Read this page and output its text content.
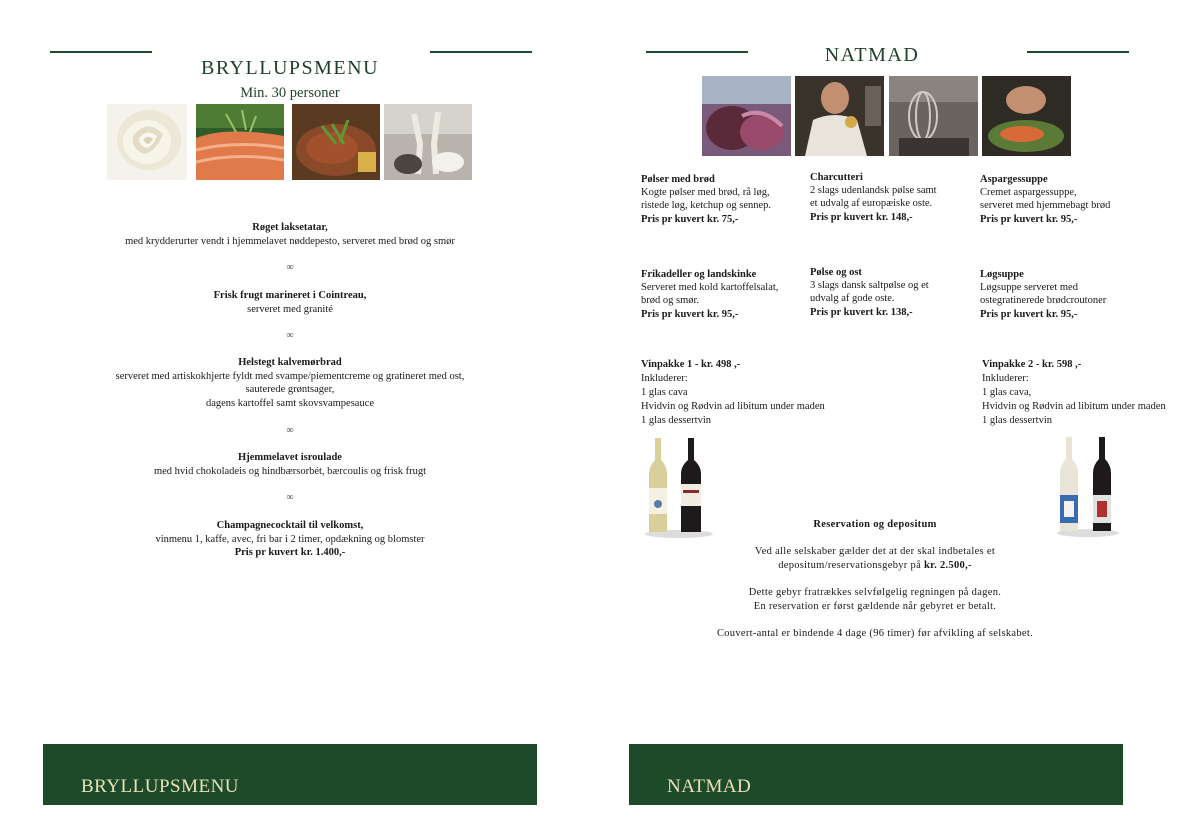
BRYLLUPSMENU
Min. 30 personer
Røget laksetatar,
med krydderurter vendt i hjemmelavet nøddepesto, serveret med brød og smør
∞
Frisk frugt marineret i Cointreau,
serveret med granité
∞
Helstegt kalvemørbrad
serveret med artiskokhjerte fyldt med svampe/piementcreme og gratineret med ost,
sauterede grøntsager,
dagens kartoffel samt skovsvampesauce
∞
Hjemmelavet isroulade
med hvid chokoladeis og hindbærsorbét, bærcoulis og frisk frugt
∞
Champagnecocktail til velkomst,
vinmenu 1, kaffe, avec, fri bar i 2 timer, opdækning og blomster
Pris pr kuvert kr. 1.400,-
BRYLLUPSMENU
NATMAD
Pølser med brød
Kogte pølser med brød, rå løg,
ristede løg, ketchup og sennep.
Pris pr kuvert kr. 75,-
Charcutteri
2 slags udenlandsk pølse samt
et udvalg af europæiske oste.
Pris pr kuvert kr. 148,-
Aspargessuppe
Cremet aspargessuppe,
serveret med hjemmebagt brød
Pris pr kuvert kr. 95,-
Frikadeller og landskinke
Serveret med kold kartoffelsalat,
brød og smør.
Pris pr kuvert kr. 95,-
Pølse og ost
3 slags dansk saltpølse og et
udvalg af gode oste.
Pris pr kuvert kr. 138,-
Løgsuppe
Løgsuppe serveret med
ostegratinerede brødcroutoner
Pris pr kuvert kr. 95,-
Vinpakke 1 - kr. 498 ,-
Inkluderer:
1 glas cava
Hvidvin og Rødvin ad libitum under maden
1 glas dessertvin
Vinpakke 2 - kr. 598 ,-
Inkluderer:
1 glas cava,
Hvidvin og Rødvin ad libitum under maden
1 glas dessertvin
Reservation og depositum
Ved alle selskaber gælder det at der skal indbetales et
depositum/reservationsgebyr på kr. 2.500,-
Dette gebyr fratrækkes selvfølgelig regningen på dagen.
En reservation er først gældende når gebyret er betalt.
Couvert-antal er bindende 4 dage (96 timer) før afvikling af selskabet.
NATMAD
